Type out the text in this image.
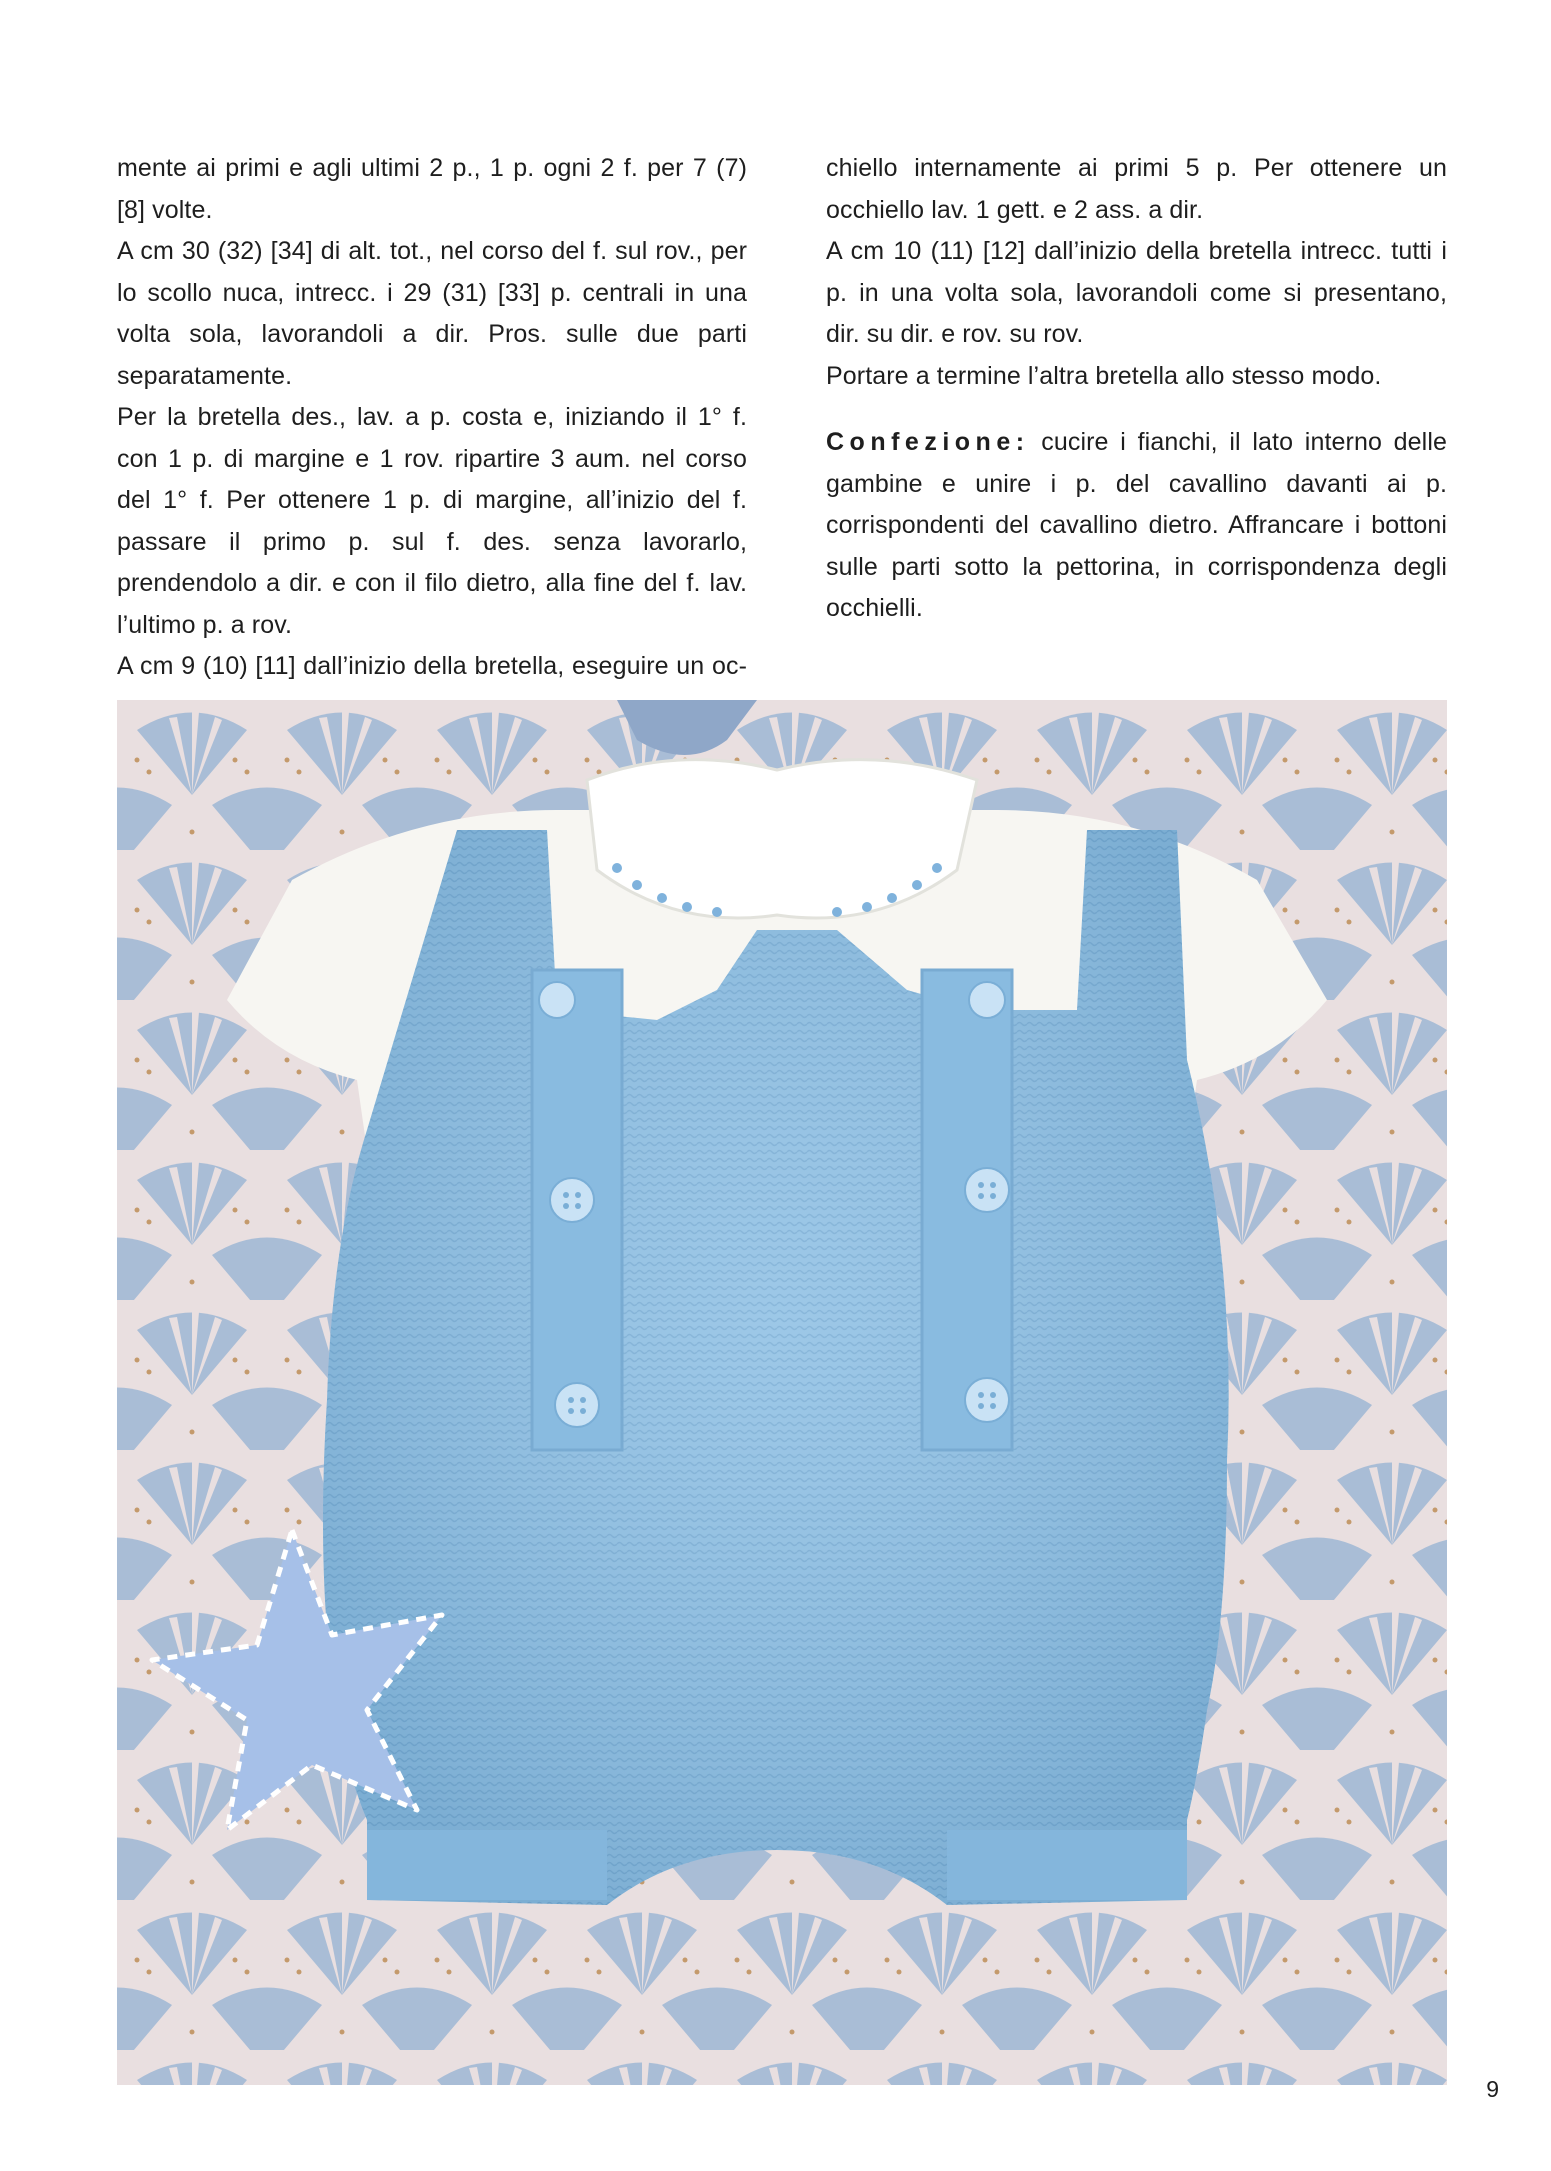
mente ai primi e agli ultimi 2 p., 1 p. ogni 2 f. per 7 (7) [8] volte.

A cm 30 (32) [34] di alt. tot., nel corso del f. sul rov., per lo scollo nuca, intrecc. i 29 (31) [33] p. centrali in una volta sola, lavorandoli a dir. Pros. sulle due parti separatamente.

Per la bretella des., lav. a p. costa e, iniziando il 1° f. con 1 p. di margine e 1 rov. ripartire 3 aum. nel corso del 1° f. Per ottenere 1 p. di margine, all’inizio del f. passare il primo p. sul f. des. senza lavorarlo, prendendolo a dir. e con il filo dietro, alla fine del f. lav. l’ultimo p. a rov.

A cm 9 (10) [11] dall’inizio della bretella, eseguire un oc-

chiello internamente ai primi 5 p. Per ottenere un occhiello lav. 1 gett. e 2 ass. a dir.

A cm 10 (11) [12] dall’inizio della bretella intrecc. tutti i p. in una volta sola, lavorandoli come si presentano, dir. su dir. e rov. su rov.

Portare a termine l’altra bretella allo stesso modo.

Confezione: cucire i fianchi, il lato interno delle gambine e unire i p. del cavallino davanti ai p. corrispondenti del cavallino dietro. Affrancare i bottoni sulle parti sotto la pettorina, in corrispondenza degli occhielli.

9
